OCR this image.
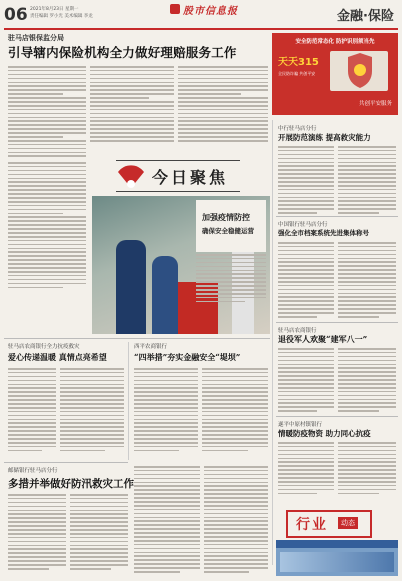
06 2021年8月23日 星期一
责任编辑 罗小光 美术编辑 李龙	股市信息报	金融·保险
驻马店银保监分局
引导辖内保险机构全力做好理赔服务工作
安全防范常态化 防护识别须当先
天天315
全民防诈骗 共创平安
共创平安服务
今日聚焦
加强疫情防控
确保安全稳健运营
中行驻马店分行
开展防范演练 提高救灾能力
中国银行驻马店分行
强化全市档案系统先进集体称号
驻马店农商银行
退役军人欢聚“建军八一”
遂平中原村镇银行
情暖防疫物资 助力同心抗疫
行业	动态
驻马店农商银行全力抗疫救灾
爱心传递温暖 真情点亮希望
西平农商银行
“四举措”夯实金融安全“堤坝”
邮储银行驻马店分行
多措并举做好防汛救灾工作
